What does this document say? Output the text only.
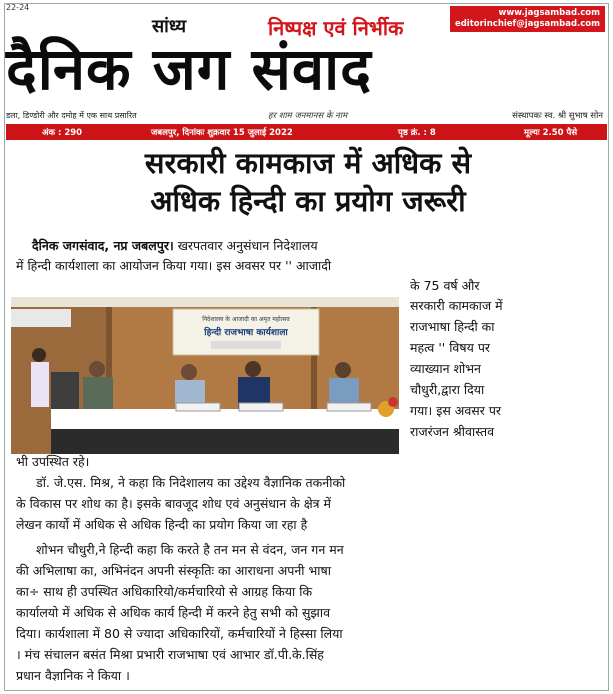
22-24
सांध्य	निष्पक्ष एवं निर्भीक
www.jagsambad.com
editorinchief@jagsambad.com
दैनिक जग संवाद
डला, डिण्डोरी और दमोह में एक साथ प्रसारित	हर शाम जनमानस के नाम	संस्थापकः स्व. श्री सुभाष सोन
अंक : 290	जबलपुर, दिनांकः शुक्रवार 15 जुलाई 2022	पृष्ठ क्रं. : 8	मूल्यः 2.50 पैसे
सरकारी कामकाज में अधिक से
अधिक हिन्दी का प्रयोग जरूरी
दैनिक जगसंवाद, नप्र जबलपुर। खरपतवार अनुसंधान निदेशालय
में हिन्दी कार्यशाला का आयोजन किया गया। इस अवसर पर '' आजादी
के 75 वर्ष और
सरकारी कामकाज में
राजभाषा हिन्दी का
महत्व '' विषय पर
व्याख्यान शोभन
चौधुरी,द्वारा दिया
गया। इस अवसर पर
राजरंजन श्रीवास्तव
भी उपस्थित रहे।
डॉ. जे.एस. मिश्र, ने कहा कि निदेशालय का उद्देश्य वैज्ञानिक तकनीको
के विकास पर शोध का है। इसके बावजूद शोध एवं अनुसंधान के क्षेत्र में
लेखन कार्यो में अधिक से अधिक हिन्दी का प्रयोग किया जा रहा है
शोभन चौधुरी,ने हिन्दी कहा कि करते है तन मन से वंदन, जन गन मन
की अभिलाषा का, अभिनंदन अपनी संस्कृतिः का आराधना अपनी भाषा
का÷ साथ ही उपस्थित अधिकारियो/कर्मचारियो से आग्रह किया कि
कार्यालयो में अधिक से अधिक कार्य हिन्दी में करने हेतु सभी को सुझाव
दिया। कार्यशाला में 80 से ज्यादा अधिकारियों, कर्मचारियों ने हिस्सा लिया
। मंच संचालन बसंत मिश्रा प्रभारी राजभाषा एवं आभार डॉ.पी.के.सिंह
प्रधान वैज्ञानिक ने किया ।
निदेशालय के आजादी का अमृत महोत्सव
हिन्दी राजभाषा कार्यशाला
